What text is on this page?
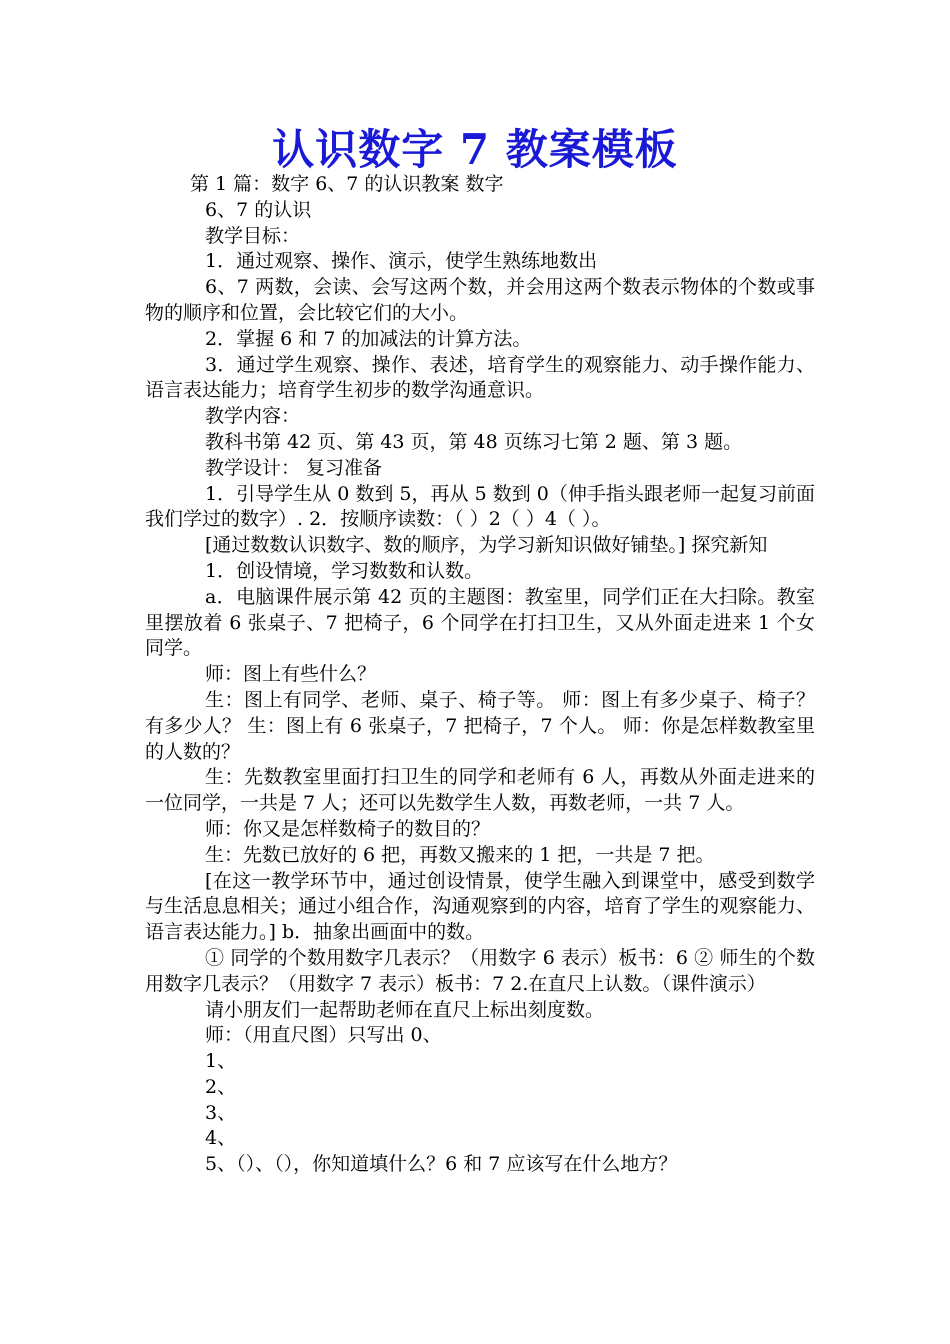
认识数字 7 教案模板

第 1 篇：数字 6、7 的认识教案 数字

6、7 的认识

教学目标：

1．通过观察、操作、演示，使学生熟练地数出

6、7 两数，会读、会写这两个数，并会用这两个数表示物体的个数或事物的顺序和位置，会比较它们的大小。

2．掌握 6 和 7 的加减法的计算方法。

3．通过学生观察、操作、表述，培育学生的观察能力、动手操作能力、语言表达能力；培育学生初步的数学沟通意识。

教学内容：

教科书第 42 页、第 43 页，第 48 页练习七第 2 题、第 3 题。

教学设计： 复习准备

1．引导学生从 0 数到 5，再从 5 数到 0（伸手指头跟老师一起复习前面我们学过的数字）. 2．按顺序读数：（ ）2（ ）4（ ）。

[通过数数认识数字、数的顺序，为学习新知识做好铺垫。] 探究新知

1．创设情境，学习数数和认数。

a．电脑课件展示第 42 页的主题图：教室里，同学们正在大扫除。教室里摆放着 6 张桌子、7 把椅子，6 个同学在打扫卫生，又从外面走进来 1 个女同学。

师：图上有些什么？

生：图上有同学、老师、桌子、椅子等。 师：图上有多少桌子、椅子？有多少人？ 生：图上有 6 张桌子，7 把椅子，7 个人。 师：你是怎样数教室里的人数的？

生：先数教室里面打扫卫生的同学和老师有 6 人，再数从外面走进来的一位同学，一共是 7 人；还可以先数学生人数，再数老师，一共 7 人。

师：你又是怎样数椅子的数目的？

生：先数已放好的 6 把，再数又搬来的 1 把，一共是 7 把。

[在这一教学环节中，通过创设情景，使学生融入到课堂中，感受到数学与生活息息相关；通过小组合作，沟通观察到的内容，培育了学生的观察能力、语言表达能力。] b．抽象出画面中的数。

① 同学的个数用数字几表示？（用数字 6 表示）板书：6 ② 师生的个数用数字几表示？（用数字 7 表示）板书：7 2.在直尺上认数。（课件演示）

请小朋友们一起帮助老师在直尺上标出刻度数。

师：（用直尺图）只写出 0、

1、

2、

3、

4、

5、（）、（），你知道填什么？6 和 7 应该写在什么地方？
